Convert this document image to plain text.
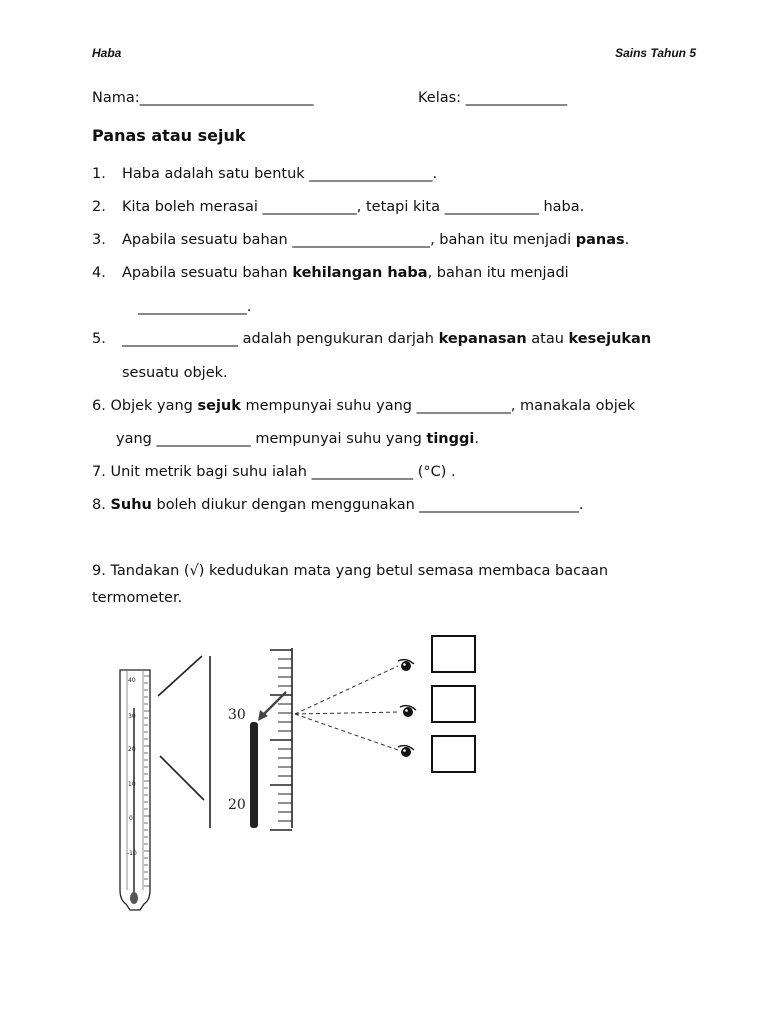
Haba	Sains Tahun 5
Nama:________________________	Kelas: ______________
Panas atau sejuk
1. Haba adalah satu bentuk _________________.
2. Kita boleh merasai _____________, tetapi kita _____________ haba.
3. Apabila sesuatu bahan ___________________, bahan itu menjadi panas.
4. Apabila sesuatu bahan kehilangan haba, bahan itu menjadi
_______________.
5. ________________ adalah pengukuran darjah kepanasan atau kesejukan
sesuatu objek.
6. Objek yang sejuk mempunyai suhu yang _____________, manakala objek
yang _____________ mempunyai suhu yang tinggi.
7. Unit metrik bagi suhu ialah ______________ (°C) .
8. Suhu boleh diukur dengan menggunakan ______________________.
9. Tandakan (√) kedudukan mata yang betul semasa membaca bacaan
termometer.
40
30
20
10
0
-10
30
20
